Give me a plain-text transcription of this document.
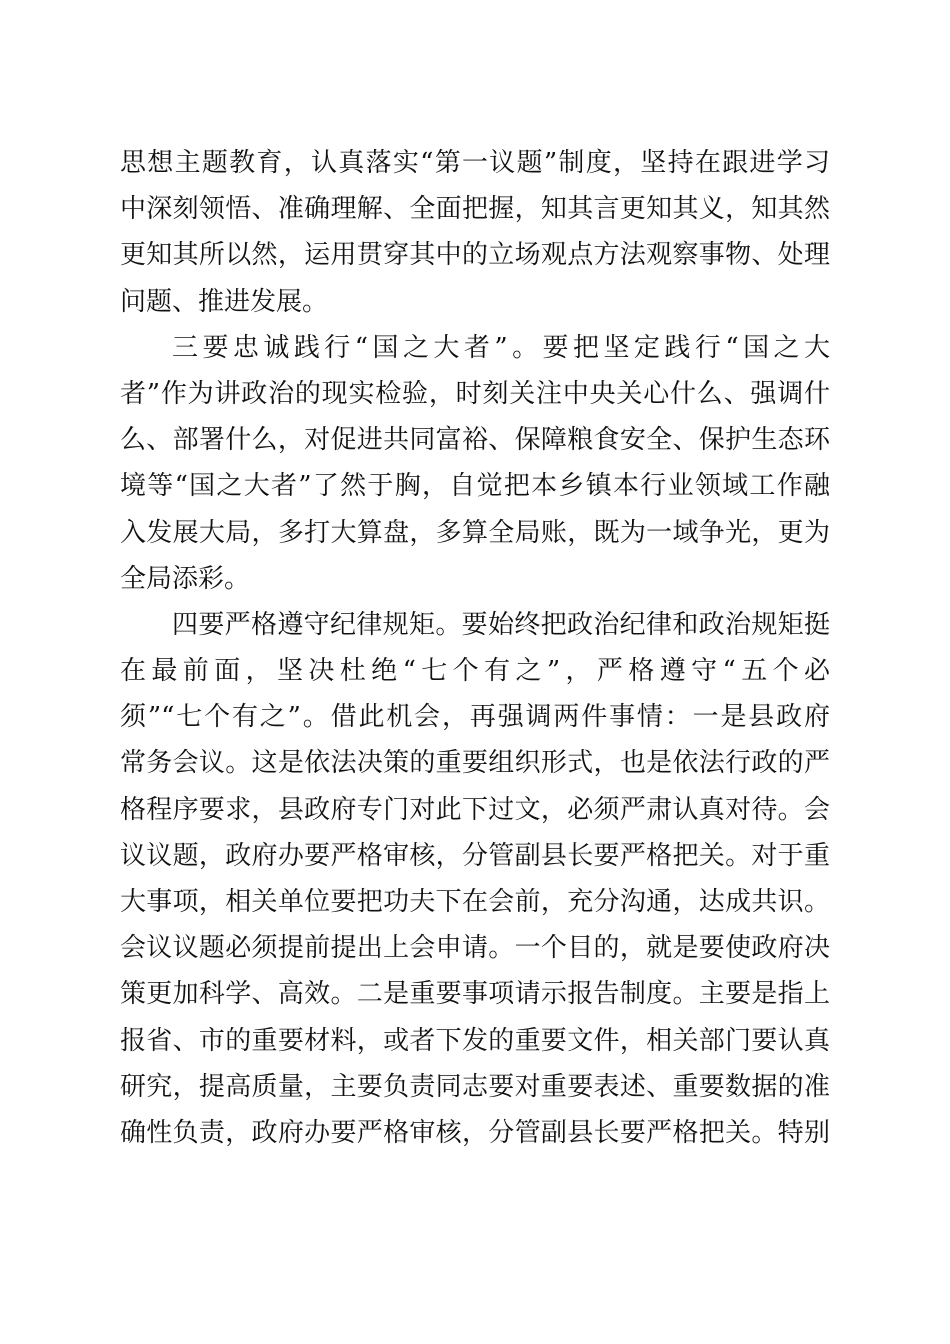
思想主题教育，认真落实“第一议题”制度，坚持在跟进学习
中深刻领悟、准确理解、全面把握，知其言更知其义，知其然
更知其所以然，运用贯穿其中的立场观点方法观察事物、处理
问题、推进发展。
三要忠诚践行“国之大者”。要把坚定践行“国之大
者”作为讲政治的现实检验，时刻关注中央关心什么、强调什
么、部署什么，对促进共同富裕、保障粮食安全、保护生态环
境等“国之大者”了然于胸，自觉把本乡镇本行业领域工作融
入发展大局，多打大算盘，多算全局账，既为一域争光，更为
全局添彩。
四要严格遵守纪律规矩。要始终把政治纪律和政治规矩挺
在最前面，坚决杜绝“七个有之”，严格遵守“五个必
须”“七个有之”。借此机会，再强调两件事情：一是县政府
常务会议。这是依法决策的重要组织形式，也是依法行政的严
格程序要求，县政府专门对此下过文，必须严肃认真对待。会
议议题，政府办要严格审核，分管副县长要严格把关。对于重
大事项，相关单位要把功夫下在会前，充分沟通，达成共识。
会议议题必须提前提出上会申请。一个目的，就是要使政府决
策更加科学、高效。二是重要事项请示报告制度。主要是指上
报省、市的重要材料，或者下发的重要文件，相关部门要认真
研究，提高质量，主要负责同志要对重要表述、重要数据的准
确性负责，政府办要严格审核，分管副县长要严格把关。特别
